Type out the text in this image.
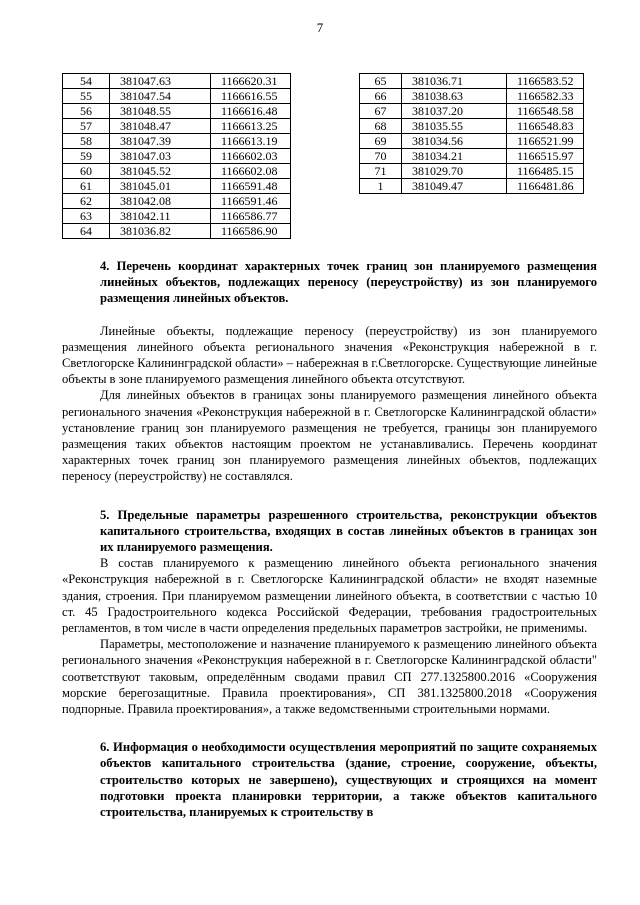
7
54	381047.63	1166620.31
55	381047.54	1166616.55
56	381048.55	1166616.48
57	381048.47	1166613.25
58	381047.39	1166613.19
59	381047.03	1166602.03
60	381045.52	1166602.08
61	381045.01	1166591.48
62	381042.08	1166591.46
63	381042.11	1166586.77
64	381036.82	1166586.90
65	381036.71	1166583.52
66	381038.63	1166582.33
67	381037.20	1166548.58
68	381035.55	1166548.83
69	381034.56	1166521.99
70	381034.21	1166515.97
71	381029.70	1166485.15
1	381049.47	1166481.86

4. Перечень координат характерных точек границ зон планируемого размещения линейных объектов, подлежащих переносу (переустройству) из зон планируемого размещения линейных объектов.

Линейные объекты, подлежащие переносу (переустройству) из зон планируемого размещения линейного объекта регионального значения «Реконструкция набережной в г. Светлогорске Калининградской области» – набережная в г.Светлогорске. Существующие линейные объекты в зоне планируемого размещения линейного объекта отсутствуют.

Для линейных объектов в границах зоны планируемого размещения линейного объекта регионального значения «Реконструкция набережной в г. Светлогорске Калининградской области» установление границ зон планируемого размещения не требуется, границы зон планируемого размещения таких объектов настоящим проектом не устанавливались. Перечень координат характерных точек границ зон планируемого размещения линейных объектов, подлежащих переносу (переустройству) не составлялся.

5. Предельные параметры разрешенного строительства, реконструкции объектов капитального строительства, входящих в состав линейных объектов в границах зон их планируемого размещения.

В состав планируемого к размещению линейного объекта регионального значения «Реконструкция набережной в г. Светлогорске Калининградской области» не входят наземные здания, строения. При планируемом размещении линейного объекта, в соответствии с частью 10 ст. 45 Градостроительного кодекса Российской Федерации, требования градостроительных регламентов, в том числе в части определения предельных параметров застройки, не применимы.

Параметры, местоположение и назначение планируемого к размещению линейного объекта регионального значения «Реконструкция набережной в г. Светлогорске Калининградской области" соответствуют таковым, определённым сводами правил СП 277.1325800.2016 «Сооружения морские берегозащитные. Правила проектирования», СП 381.1325800.2018 «Сооружения подпорные. Правила проектирования», а также ведомственными строительными нормами.

6. Информация о необходимости осуществления мероприятий по защите сохраняемых объектов капитального строительства (здание, строение, сооружение, объекты, строительство которых не завершено), существующих и строящихся на момент подготовки проекта планировки территории, а также объектов капитального строительства, планируемых к строительству в
